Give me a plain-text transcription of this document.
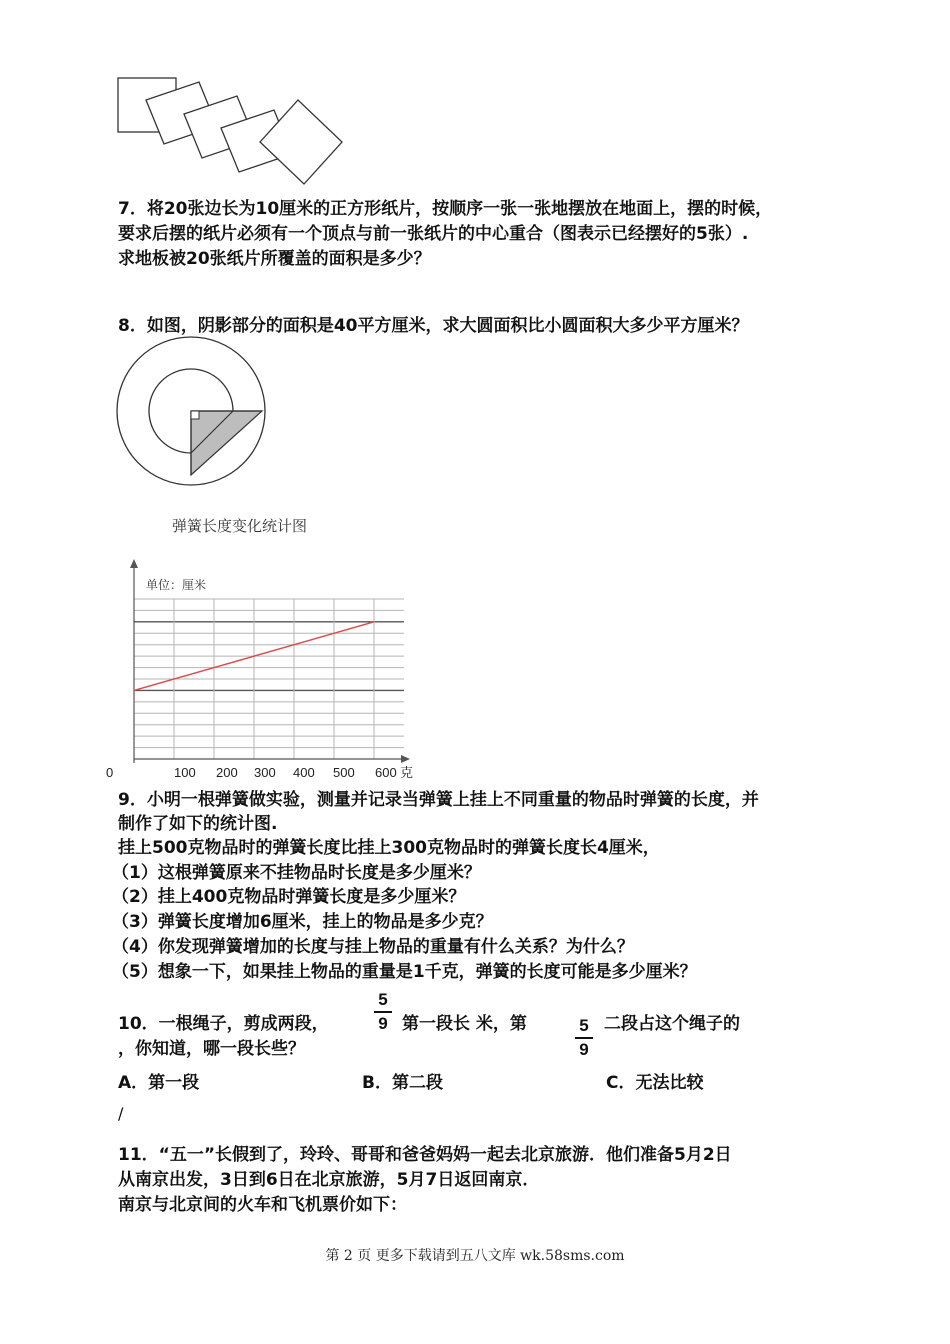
7．将20张边长为10厘米的正方形纸片，按顺序一张一张地摆放在地面上，摆的时候，
要求后摆的纸片必须有一个顶点与前一张纸片的中心重合（图表示已经摆好的5张）.
求地板被20张纸片所覆盖的面积是多少？
8．如图，阴影部分的面积是40平方厘米，求大圆面积比小圆面积大多少平方厘米？
弹簧长度变化统计图
单位：厘米
0	100 200 300 400 500 600 克
9．小明一根弹簧做实验，测量并记录当弹簧上挂上不同重量的物品时弹簧的长度，并
制作了如下的统计图.
挂上500克物品时的弹簧长度比挂上300克物品时的弹簧长度长4厘米，
（1）这根弹簧原来不挂物品时长度是多少厘米？
（2）挂上400克物品时弹簧长度是多少厘米？
（3）弹簧长度增加6厘米，挂上的物品是多少克？
（4）你发现弹簧增加的长度与挂上物品的重量有什么关系？为什么？
（5）想象一下，如果挂上物品的重量是1千克，弹簧的长度可能是多少厘米？
10．一根绳子，剪成两段，
5
9 第一段长 米，第	5
9
二段占这个绳子的
，你知道，哪一段长些？
A．第一段	B．第二段	C．无法比较
/
11．“五一”长假到了，玲玲、哥哥和爸爸妈妈一起去北京旅游．他们准备5月2日
从南京出发，3日到6日在北京旅游，5月7日返回南京．
南京与北京间的火车和飞机票价如下：
第 2 页 更多下载请到五八文库 wk.58sms.com
